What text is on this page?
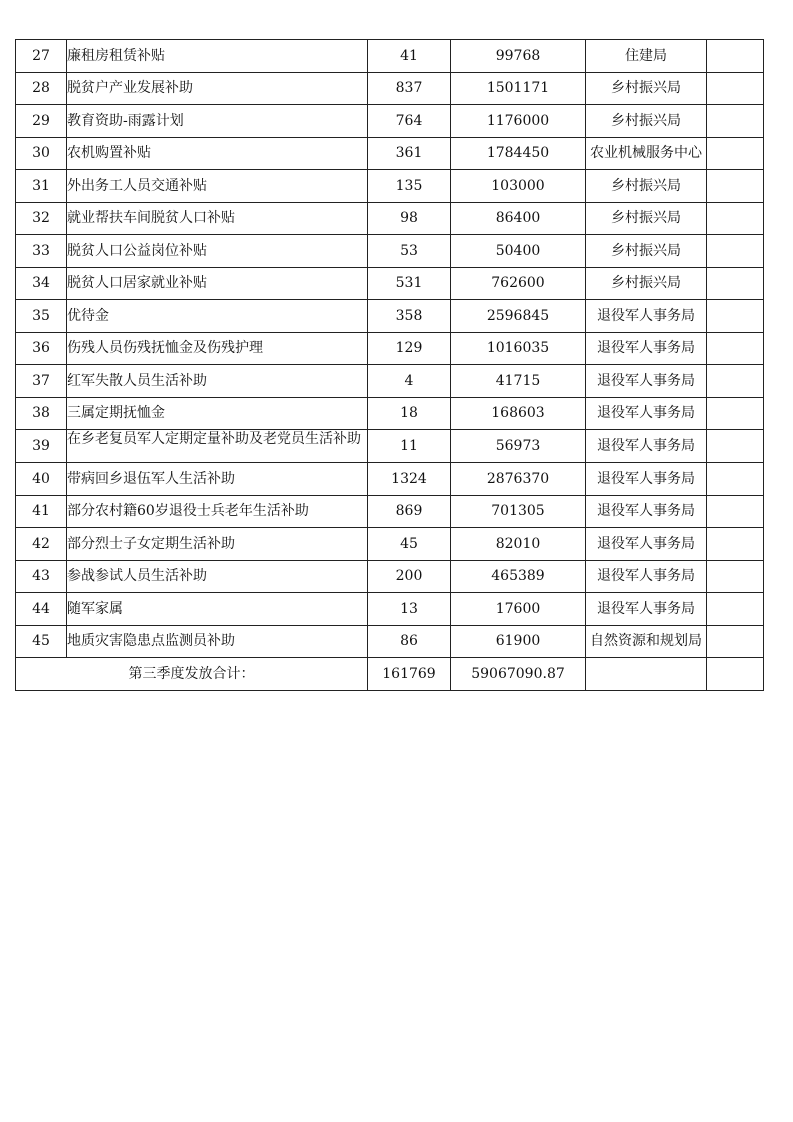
27	廉租房租赁补贴	41	99768	住建局	
28	脱贫户产业发展补助	837	1501171	乡村振兴局	
29	教育资助-雨露计划	764	1176000	乡村振兴局	
30	农机购置补贴	361	1784450	农业机械服务中心	
31	外出务工人员交通补贴	135	103000	乡村振兴局	
32	就业帮扶车间脱贫人口补贴	98	86400	乡村振兴局	
33	脱贫人口公益岗位补贴	53	50400	乡村振兴局	
34	脱贫人口居家就业补贴	531	762600	乡村振兴局	
35	优待金	358	2596845	退役军人事务局	
36	伤残人员伤残抚恤金及伤残护理	129	1016035	退役军人事务局	
37	红军失散人员生活补助	4	41715	退役军人事务局	
38	三属定期抚恤金	18	168603	退役军人事务局	
39	在乡老复员军人定期定量补助及老党员生活补助	11	56973	退役军人事务局	
40	带病回乡退伍军人生活补助	1324	2876370	退役军人事务局	
41	部分农村籍60岁退役士兵老年生活补助	869	701305	退役军人事务局	
42	部分烈士子女定期生活补助	45	82010	退役军人事务局	
43	参战参试人员生活补助	200	465389	退役军人事务局	
44	随军家属	13	17600	退役军人事务局	
45	地质灾害隐患点监测员补助	86	61900	自然资源和规划局	
第三季度发放合计：		161769	59067090.87		
